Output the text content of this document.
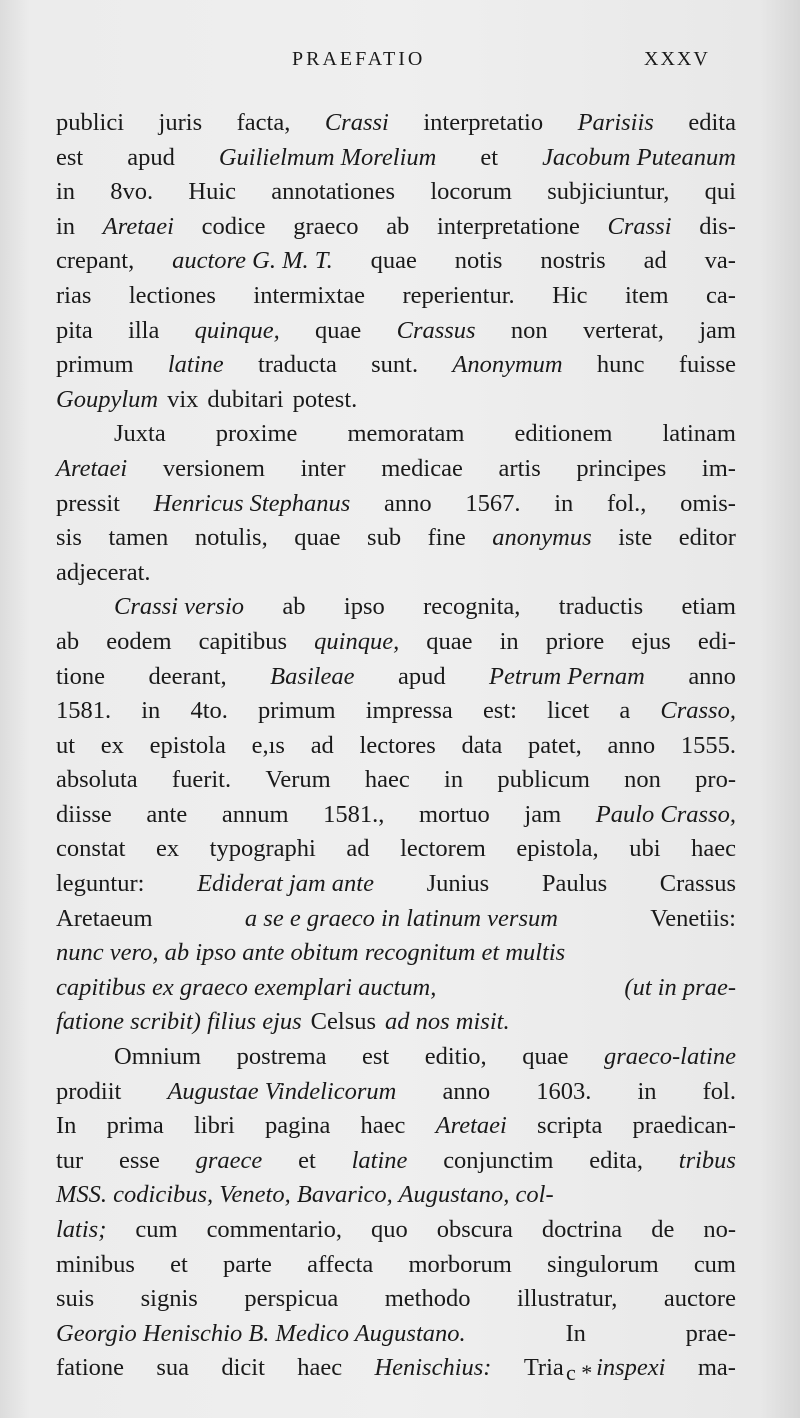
PRAEFATIO	XXXV
publici juris facta, Crassi interpretatio Parisiis edita
est apud Guilielmum Morelium et Jacobum Puteanum
in 8vo. Huic annotationes locorum subjiciuntur, qui
in Aretaei codice graeco ab interpretatione Crassi dis-
crepant, auctore G. M. T. quae notis nostris ad va-
rias lectiones intermixtae reperientur. Hic item ca-
pita illa quinque, quae Crassus non verterat, jam
primum latine traducta sunt. Anonymum hunc fuisse
Goupylum vix dubitari potest.
Juxta proxime memoratam editionem latinam
Aretaei versionem inter medicae artis principes im-
pressit Henricus Stephanus anno 1567. in fol., omis-
sis tamen notulis, quae sub fine anonymus iste editor
adjecerat.
Crassi versio ab ipso recognita, traductis etiam
ab eodem capitibus quinque, quae in priore ejus edi-
tione deerant, Basileae apud Petrum Pernam anno
1581. in 4to. primum impressa est: licet a Crasso,
ut ex epistola e,ıs ad lectores data patet, anno 1555.
absoluta fuerit. Verum haec in publicum non pro-
diisse ante annum 1581., mortuo jam Paulo Crasso,
constat ex typographi ad lectorem epistola, ubi haec
leguntur: Ediderat jam ante Junius Paulus Crassus
Aretaeum	a se e graeco in latinum versum	Venetiis:
nunc vero, ab ipso ante obitum recognitum et multis
capitibus ex graeco exemplari auctum,	(ut in prae-
fatione scribit) filius ejus Celsus ad nos misit.
Omnium postrema est editio, quae graeco-latine
prodiit Augustae Vindelicorum anno 1603. in fol.
In prima libri pagina haec Aretaei scripta praedican-
tur esse graece et latine conjunctim edita, tribus
MSS. codicibus, Veneto, Bavarico, Augustano, col-
latis; cum commentario, quo obscura doctrina de no-
minibus et parte affecta morborum singulorum cum
suis signis perspicua methodo illustratur, auctore
Georgio Henischio B. Medico Augustano.	In	prae-
fatione sua dicit haec Henischius: Tria inspexi ma-
c *
